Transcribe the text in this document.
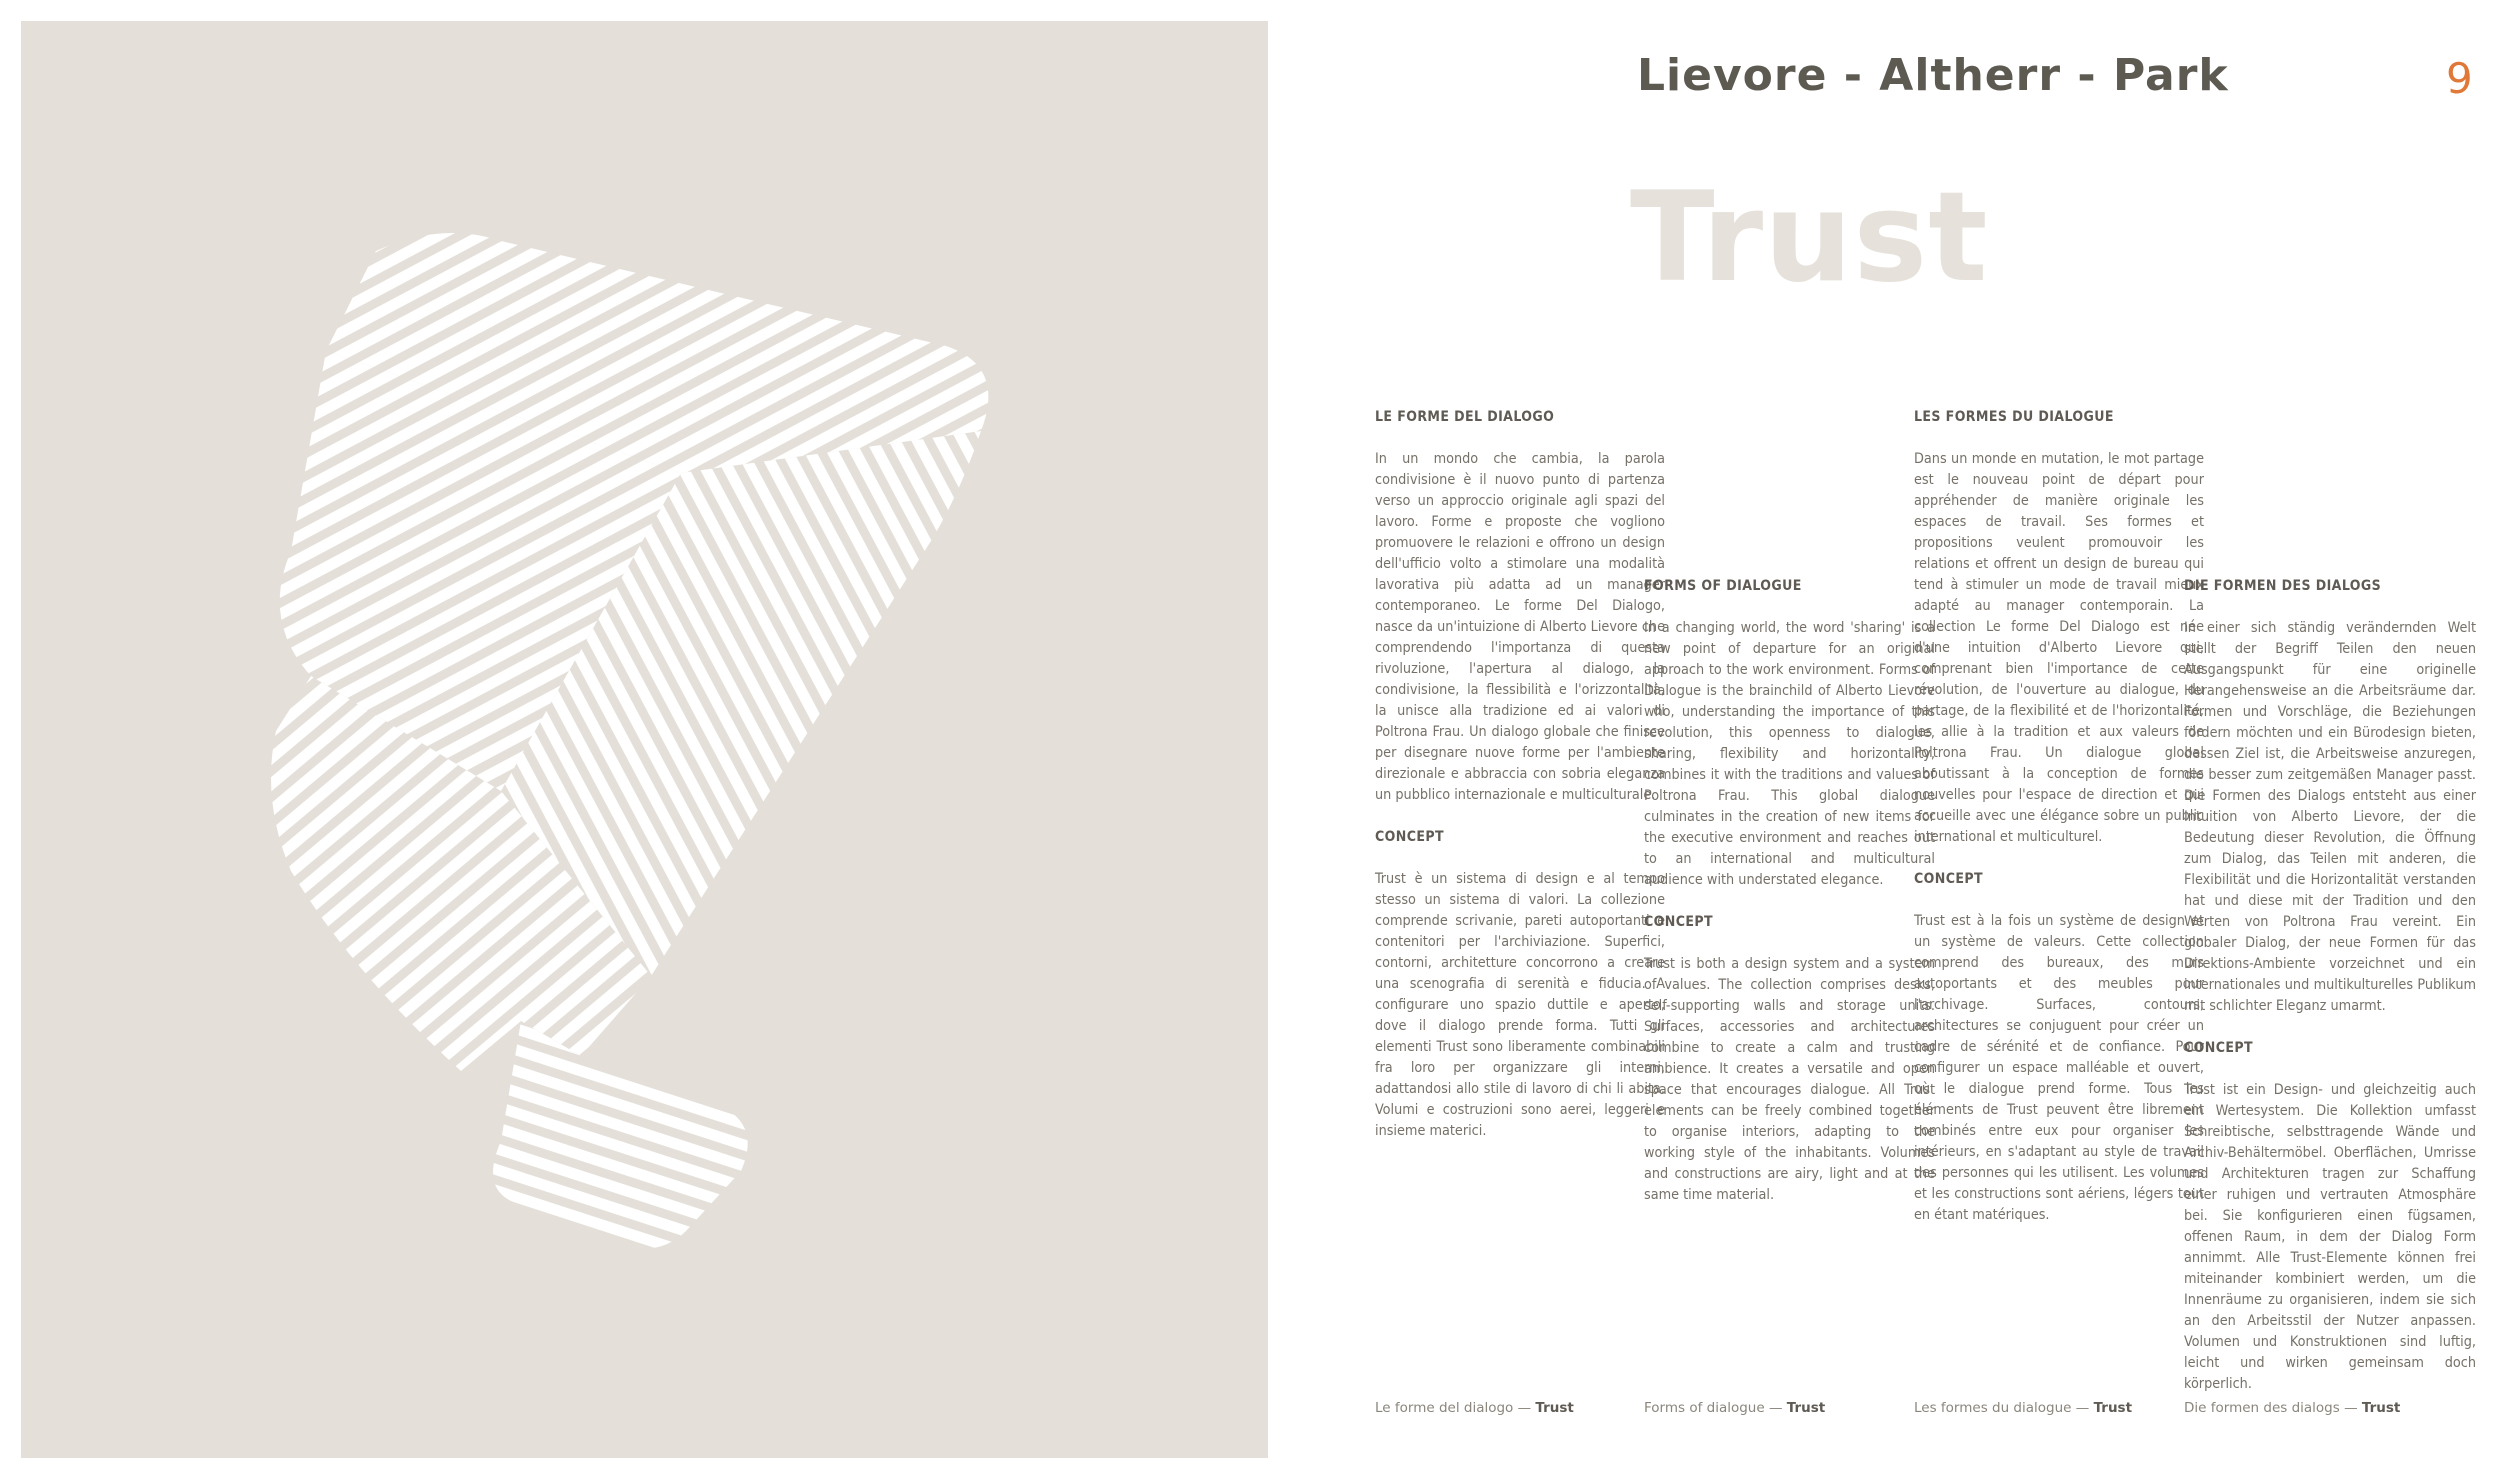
Lievore - Altherr - Park	9
Trust
LE FORME DEL DIALOGO

In un mondo che cambia, la parola condivisione è il nuovo punto di partenza verso un approccio originale agli spazi del lavoro. Forme e proposte che vogliono promuovere le relazioni e offrono un design dell'ufficio volto a stimolare una modalità lavorativa più adatta ad un manager contemporaneo. Le forme Del Dialogo, nasce da un'intuizione di Alberto Lievore che comprendendo l'importanza di questa rivoluzione, l'apertura al dialogo, la condivisione, la flessibilità e l'orizzontalità, la unisce alla tradizione ed ai valori di Poltrona Frau. Un dialogo globale che finisce per disegnare nuove forme per l'ambiente direzionale e abbraccia con sobria eleganza un pubblico internazionale e multiculturale.

CONCEPT

Trust è un sistema di design e al tempo stesso un sistema di valori. La collezione comprende scrivanie, pareti autoportanti e contenitori per l'archiviazione. Superfici, contorni, architetture concorrono a creare una scenografia di serenità e fiducia. A configurare uno spazio duttile e aperto, dove il dialogo prende forma. Tutti gli elementi Trust sono liberamente combinabili fra loro per organizzare gli interni, adattandosi allo stile di lavoro di chi li abita. Volumi e costruzioni sono aerei, leggeri e insieme materici.

FORMS OF DIALOGUE

In a changing world, the word 'sharing' is a new point of departure for an original approach to the work environment. Forms of Dialogue is the brainchild of Alberto Lievore who, understanding the importance of this revolution, this openness to dialogue, sharing, flexibility and horizontality, combines it with the traditions and values of Poltrona Frau. This global dialogue culminates in the creation of new items for the executive environment and reaches out to an international and multicultural audience with understated elegance.

CONCEPT

Trust is both a design system and a system of values. The collection comprises desks, self-supporting walls and storage units. Surfaces, accessories and architectures combine to create a calm and trusting ambience. It creates a versatile and open space that encourages dialogue. All Trust elements can be freely combined together to organise interiors, adapting to the working style of the inhabitants. Volumes and constructions are airy, light and at the same time material.

LES FORMES DU DIALOGUE

Dans un monde en mutation, le mot partage est le nouveau point de départ pour appréhender de manière originale les espaces de travail. Ses formes et propositions veulent promouvoir les relations et offrent un design de bureau qui tend à stimuler un mode de travail mieux adapté au manager contemporain. La collection Le forme Del Dialogo est née d'une intuition d'Alberto Lievore qui, comprenant bien l'importance de cette révolution, de l'ouverture au dialogue, du partage, de la flexibilité et de l'horizontalité, les allie à la tradition et aux valeurs de Poltrona Frau. Un dialogue global aboutissant à la conception de formes nouvelles pour l'espace de direction et qui accueille avec une élégance sobre un public international et multiculturel.

CONCEPT

Trust est à la fois un système de design et un système de valeurs. Cette collection comprend des bureaux, des murs autoportants et des meubles pour l'archivage. Surfaces, contours, architectures se conjuguent pour créer un cadre de sérénité et de confiance. Pour configurer un espace malléable et ouvert, où le dialogue prend forme. Tous les éléments de Trust peuvent être librement combinés entre eux pour organiser les intérieurs, en s'adaptant au style de travail des personnes qui les utilisent. Les volumes et les constructions sont aériens, légers tout en étant matériques.

DIE FORMEN DES DIALOGS

In einer sich ständig verändernden Welt stellt der Begriff Teilen den neuen Ausgangspunkt für eine originelle Herangehensweise an die Arbeitsräume dar. Formen und Vorschläge, die Beziehungen fördern möchten und ein Bürodesign bieten, dessen Ziel ist, die Arbeitsweise anzuregen, die besser zum zeitgemäßen Manager passt. Die Formen des Dialogs entsteht aus einer Intuition von Alberto Lievore, der die Bedeutung dieser Revolution, die Öffnung zum Dialog, das Teilen mit anderen, die Flexibilität und die Horizontalität verstanden hat und diese mit der Tradition und den Werten von Poltrona Frau vereint. Ein globaler Dialog, der neue Formen für das Direktions-Ambiente vorzeichnet und ein internationales und multikulturelles Publikum mit schlichter Eleganz umarmt.

CONCEPT

Trust ist ein Design- und gleichzeitig auch ein Wertesystem. Die Kollektion umfasst Schreibtische, selbsttragende Wände und Archiv-Behältermöbel. Oberflächen, Umrisse und Architekturen tragen zur Schaffung einer ruhigen und vertrauten Atmosphäre bei. Sie konfigurieren einen fügsamen, offenen Raum, in dem der Dialog Form annimmt. Alle Trust-Elemente können frei miteinander kombiniert werden, um die Innenräume zu organisieren, indem sie sich an den Arbeitsstil der Nutzer anpassen. Volumen und Konstruktionen sind luftig, leicht und wirken gemeinsam doch körperlich.

Le forme del dialogo — Trust	Forms of dialogue — Trust	Les formes du dialogue — Trust	Die formen des dialogs — Trust
